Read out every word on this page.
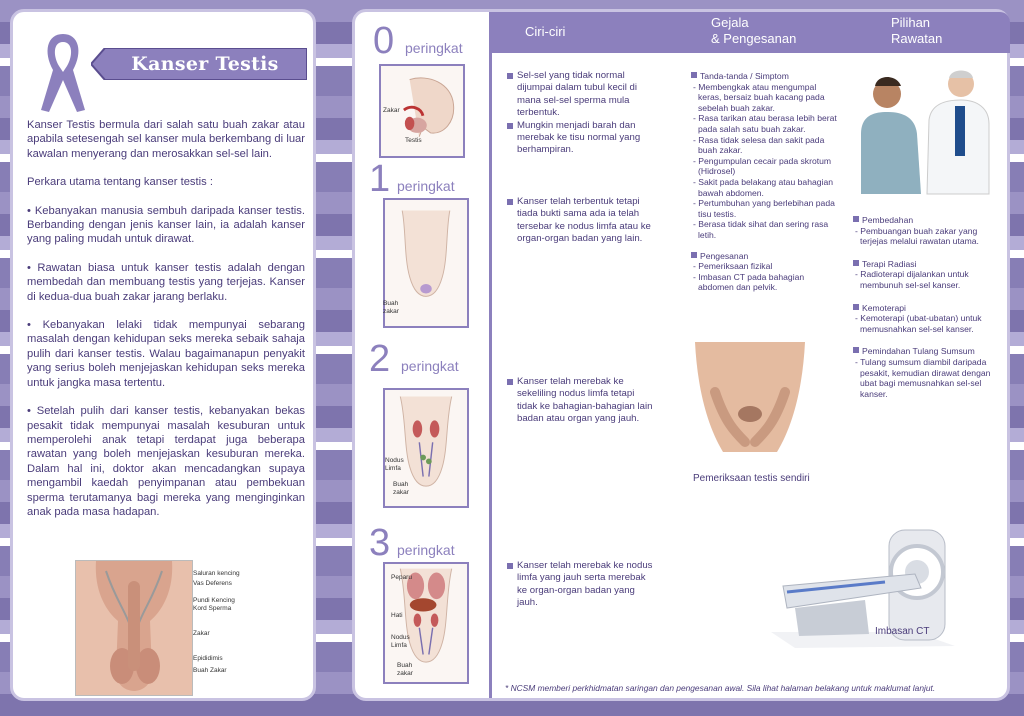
Kanser Testis

Kanser Testis bermula dari salah satu buah zakar atau apabila setesengah sel kanser mula berkembang di luar kawalan menyerang dan merosakkan sel-sel lain.

Perkara utama tentang kanser testis :

• Kebanyakan manusia sembuh daripada kanser testis. Berbanding dengan jenis kanser lain, ia adalah kanser yang paling mudah untuk dirawat.

• Rawatan biasa untuk kanser testis adalah dengan membedah dan membuang testis yang terjejas. Kanser di kedua-dua buah zakar jarang berlaku.

• Kebanyakan lelaki tidak mempunyai sebarang masalah dengan kehidupan seks mereka sebaik sahaja pulih dari kanser testis. Walau bagaimanapun penyakit yang serius boleh menjejaskan kehidupan seks mereka untuk jangka masa tertentu.

• Setelah pulih dari kanser testis, kebanyakan bekas pesakit tidak mempunyai masalah kesuburan untuk memperolehi anak tetapi terdapat juga beberapa rawatan yang boleh menjejaskan kesuburan mereka. Dalam hal ini, doktor akan mencadangkan supaya mengambil kaedah penyimpanan atau pembekuan sperma terutamanya bagi mereka yang menginginkan anak pada masa hadapan.

Saluran kencing
Vas Deferens
Pundi Kencing
Kord Sperma
Zakar
Epididimis
Buah Zakar
Ciri-ciri
Gejala
& Pengesanan
Pilihan
Rawatan
0 peringkat
Zakar
Testis
1 peringkat
Buah
zakar
2 peringkat
Nodus
Limfa
Buah
zakar
3 peringkat
Peparu
Hati
Nodus
Limfa
Buah
zakar

Sel-sel yang tidak normal dijumpai dalam tubul kecil di mana sel-sel sperma mula terbentuk.

Mungkin menjadi barah dan merebak ke tisu normal yang berhampiran.

Kanser telah terbentuk tetapi tiada bukti sama ada ia telah tersebar ke nodus limfa atau ke organ-organ badan yang lain.

Kanser telah merebak ke sekeliling nodus limfa tetapi tidak ke bahagian-bahagian lain badan atau organ yang jauh.

Kanser telah merebak ke nodus limfa yang jauh serta merebak ke organ-organ badan yang jauh.

Tanda-tanda / Simptom
- Membengkak atau mengumpal keras, bersaiz buah kacang pada sebelah buah zakar.
- Rasa tarikan atau berasa lebih berat pada salah satu buah zakar.
- Rasa tidak selesa dan sakit pada buah zakar.
- Pengumpulan cecair pada skrotum (Hidrosel)
- Sakit pada belakang atau bahagian bawah abdomen.
- Pertumbuhan yang berlebihan pada tisu testis.
- Berasa tidak sihat dan sering rasa letih.
Pengesanan
- Pemeriksaan fizikal
- Imbasan CT pada bahagian abdomen dan pelvik.
Pemeriksaan testis sendiri
Pembedahan
- Pembuangan buah zakar yang terjejas melalui rawatan utama.
Terapi Radiasi
- Radioterapi dijalankan untuk membunuh sel-sel kanser.
Kemoterapi
- Kemoterapi (ubat-ubatan) untuk memusnahkan sel-sel kanser.
Pemindahan Tulang Sumsum
- Tulang sumsum diambil daripada pesakit, kemudian dirawat dengan ubat bagi memusnahkan sel-sel kanser.
Imbasan CT
* NCSM memberi perkhidmatan saringan dan pengesanan awal. Sila lihat halaman belakang untuk maklumat lanjut.
